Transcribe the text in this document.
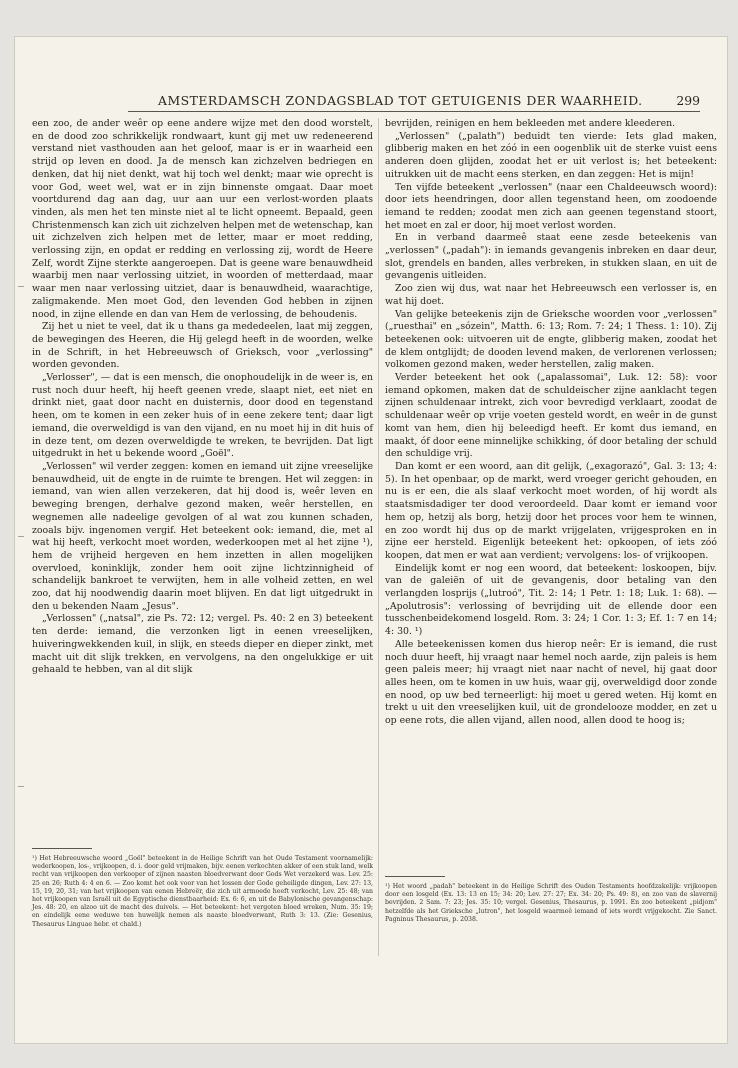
AMSTERDAMSCH ZONDAGSBLAD TOT GETUIGENIS DER WAARHEID.	299

een zoo, de ander weêr op eene andere wijze met den dood worstelt, en de dood zoo schrikkelijk rondwaart, kunt gij met uw redeneerend verstand niet vasthouden aan het geloof, maar is er in waarheid een strijd op leven en dood. Ja de mensch kan zichzelven bedriegen en denken, dat hij niet denkt, wat hij toch wel denkt; maar wie oprecht is voor God, weet wel, wat er in zijn binnenste omgaat. Daar moet voortdurend dag aan dag, uur aan uur een verlost-worden plaats vinden, als men het ten minste niet al te licht opneemt. Bepaald, geen Christenmensch kan zich uit zichzelven helpen met de wetenschap, kan uit zichzelven zich helpen met de letter, maar er moet redding, verlossing zijn, en opdat er redding en verlossing zij, wordt de Heere Zelf, wordt Zijne sterkte aangeroepen. Dat is geene ware benauwdheid waarbij men naar verlossing uitziet, in woorden of metterdaad, maar waar men naar verlossing uitziet, daar is benauwdheid, waarachtige, zaligmakende. Men moet God, den levenden God hebben in zijnen nood, in zijne ellende en dan van Hem de verlossing, de behoudenis.

Zij het u niet te veel, dat ik u thans ga mededeelen, laat mij zeggen, de bewegingen des Heeren, die Hij gelegd heeft in de woorden, welke in de Schrift, in het Hebreeuwsch of Grieksch, voor „verlossing" worden gevonden.

„Verlosser", — dat is een mensch, die onophoudelijk in de weer is, en rust noch duur heeft, hij heeft geenen vrede, slaapt niet, eet niet en drinkt niet, gaat door nacht en duisternis, door dood en tegenstand heen, om te komen in een zeker huis of in eene zekere tent; daar ligt iemand, die overweldigd is van den vijand, en nu moet hij in dit huis of in deze tent, om dezen overweldigde te wreken, te bevrijden. Dat ligt uitgedrukt in het u bekende woord „Goël".

„Verlossen" wil verder zeggen: komen en iemand uit zijne vreeselijke benauwdheid, uit de engte in de ruimte te brengen. Het wil zeggen: in iemand, van wien allen verzekeren, dat hij dood is, weêr leven en beweging brengen, derhalve gezond maken, weêr herstellen, en wegnemen alle nadeelige gevolgen of al wat zou kunnen schaden, zooals bijv. ingenomen vergif. Het beteekent ook: iemand, die, met al wat hij heeft, verkocht moet worden, wederkoopen met al het zijne ¹), hem de vrijheid hergeven en hem inzetten in allen mogelijken overvloed, koninklijk, zonder hem ooit zijne lichtzinnigheid of schandelijk bankroet te verwijten, hem in alle volheid zetten, en wel zoo, dat hij noodwendig daarin moet blijven. En dat ligt uitgedrukt in den u bekenden Naam „Jesus".

„Verlossen" („natsal", zie Ps. 72: 12; vergel. Ps. 40: 2 en 3) beteekent ten derde: iemand, die verzonken ligt in eenen vreeselijken, huiveringwekkenden kuil, in slijk, en steeds dieper en dieper zinkt, met macht uit dit slijk trekken, en vervolgens, na den ongelukkige er uit gehaald te hebben, van al dit slijk

bevrijden, reinigen en hem bekleeden met andere kleederen.

„Verlossen" („palath") beduidt ten vierde: Iets glad maken, glibberig maken en het zóó in een oogenblik uit de sterke vuist eens anderen doen glijden, zoodat het er uit verlost is; het beteekent: uitrukken uit de macht eens sterken, en dan zeggen: Het is mijn!

Ten vijfde beteekent „verlossen" (naar een Chaldeeuwsch woord): door iets heendringen, door allen tegenstand heen, om zoodoende iemand te redden; zoodat men zich aan geenen tegenstand stoort, het moet en zal er door, hij moet verlost worden.

En in verband daarmeê staat eene zesde beteekenis van „verlossen" („padah"): in iemands gevangenis inbreken en daar deur, slot, grendels en banden, alles verbreken, in stukken slaan, en uit de gevangenis uitleiden.

Zoo zien wij dus, wat naar het Hebreeuwsch een verlosser is, en wat hij doet.

Van gelijke beteekenis zijn de Grieksche woorden voor „verlossen" („ruesthai" en „sózein", Matth. 6: 13; Rom. 7: 24; 1 Thess. 1: 10). Zij beteekenen ook: uitvoeren uit de engte, glibberig maken, zoodat het de klem ontglijdt; de dooden levend maken, de verlorenen verlossen; volkomen gezond maken, weder herstellen, zalig maken.

Verder beteekent het ook („apalassomai", Luk. 12: 58): voor iemand opkomen, maken dat de schuldeischer zijne aanklacht tegen zijnen schuldenaar intrekt, zich voor bevredigd verklaart, zoodat de schuldenaar weêr op vrije voeten gesteld wordt, en weêr in de gunst komt van hem, dien hij beleedigd heeft. Er komt dus iemand, en maakt, óf door eene minnelijke schikking, óf door betaling der schuld den schuldige vrij.

Dan komt er een woord, aan dit gelijk, („exagorazó", Gal. 3: 13; 4: 5). In het openbaar, op de markt, werd vroeger gericht gehouden, en nu is er een, die als slaaf verkocht moet worden, of hij wordt als staatsmisdadiger ter dood veroordeeld. Daar komt er iemand voor hem op, hetzij als borg, hetzij door het proces voor hem te winnen, en zoo wordt hij dus op de markt vrijgelaten, vrijgesproken en in zijne eer hersteld. Eigenlijk beteekent het: opkoopen, of iets zóó koopen, dat men er wat aan verdient; vervolgens: los- of vrijkoopen.

Eindelijk komt er nog een woord, dat beteekent: loskoopen, bijv. van de galeiën of uit de gevangenis, door betaling van den verlangden losprijs („lutroó", Tit. 2: 14; 1 Petr. 1: 18; Luk. 1: 68). — „Apolutrosis": verlossing of bevrijding uit de ellende door een tusschenbeidekomend losgeld. Rom. 3: 24; 1 Cor. 1: 3; Ef. 1: 7 en 14; 4: 30. ¹)

Alle beteekenissen komen dus hierop neêr: Er is iemand, die rust noch duur heeft, hij vraagt naar hemel noch aarde, zijn paleis is hem geen paleis meer; hij vraagt niet naar nacht of nevel, hij gaat door alles heen, om te komen in uw huis, waar gij, overweldigd door zonde en nood, op uw bed terneerligt: hij moet u gered weten. Hij komt en trekt u uit den vreeselijken kuil, uit de grondelooze modder, en zet u op eene rots, die allen vijand, allen nood, allen dood te hoog is;

¹) Het Hebreeuwsche woord „Goël" beteekent in de Heilige Schrift van het Oude Testament voornamelijk: wederkoopen, los-, vrijkoopen, d. i. door geld vrijmaken, bijv. eenen verkochten akker of een stuk land, welk recht van vrijkoopen den verkooper of zijnen naasten bloedverwant door Gods Wet verzekerd was. Lev. 25: 25 en 26; Ruth 4: 4 en 6. — Zoo komt het ook voor van het lossen der Gode geheiligde dingen, Lev. 27: 13, 15, 19, 20, 31; van het vrijkoopen van eenen Hebreër, die zich uit armoede heeft verkocht, Lev. 25: 48; van het vrijkoopen van Israël uit de Egyptische dienstbaarheid: Ex. 6: 6, en uit de Babylonische gevangenschap: Jes. 48: 20, en alzoo uit de macht des duivels. — Het beteekent: het vergoten bloed wreken, Num. 35: 19; en eindelijk eene weduwe ten huwelijk nemen als naaste bloedverwant, Ruth 3: 13. (Zie: Gesenius, Thesaurus Linguae hebr. et chald.)
¹) Het woord „padah" beteekent in de Heilige Schrift des Ouden Testaments hoofdzakelijk: vrijkoopen door een losgeld (Ex. 13: 13 en 15; 34: 20; Lev. 27: 27; Ex. 34: 20; Ps. 49: 8), en zoo van de slavernij bevrijden. 2 Sam. 7: 23; Jes. 35: 10; vergel. Gesenius, Thesaurus, p. 1991. En zoo beteekent „pidjom" hetzelfde als het Grieksche „lutron", het losgeld waarmeê iemand of iets wordt vrijgekocht. Zie Sanct. Pagninus Thesaurus, p. 2038.
